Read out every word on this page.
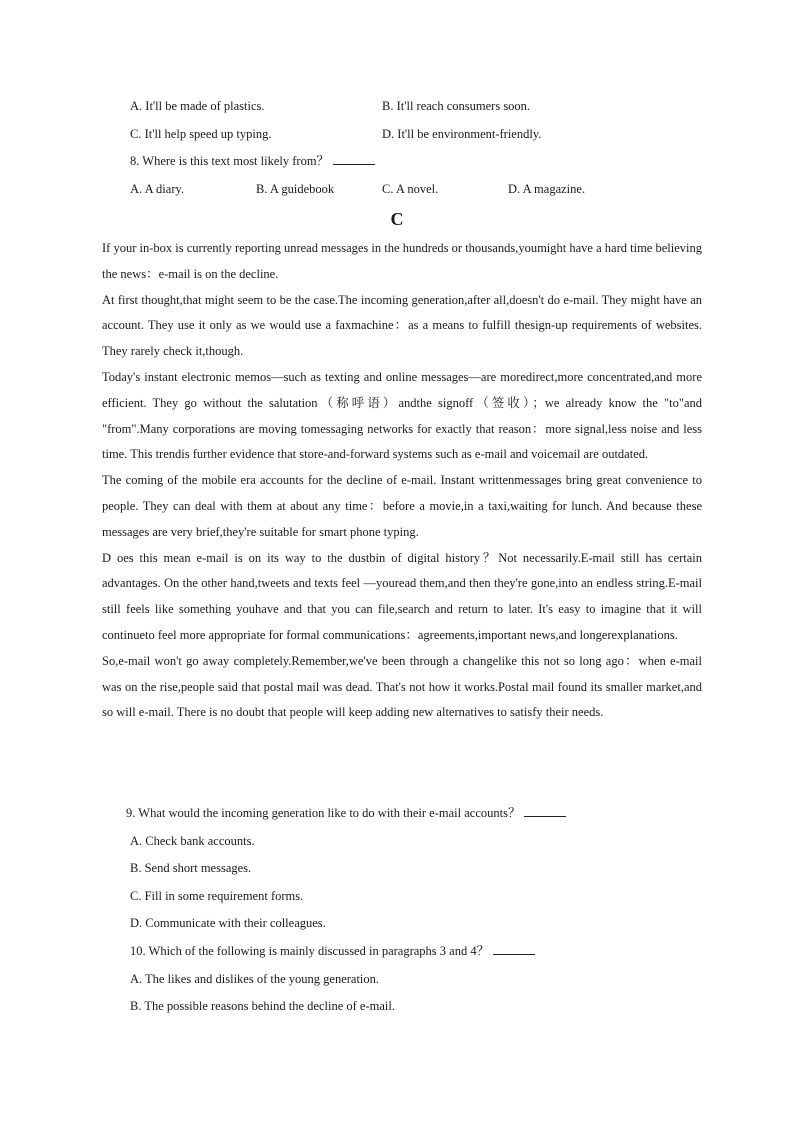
A. It'll be made of plastics.	B. It'll reach consumers soon.
C. It'll help speed up typing.	D. It'll be environment-friendly.
8. Where is this text most likely from？
A. A diary.	B. A guidebook	C. A novel.	D. A magazine.
C

If your in-box is currently reporting unread messages in the hundreds or thousands,youmight have a hard time believing the news：e-mail is on the decline.

At first thought,that might seem to be the case.The incoming generation,after all,doesn't do e-mail. They might have an account. They use it only as we would use a faxmachine：as a means to fulfill thesign-up requirements of websites. They rarely check it,though.

Today's instant electronic memos—such as texting and online messages—are moredirect,more concentrated,and more efficient. They go without the salutation（称呼语）andthe signoff（签收）；we already know the "to"and "from".Many corporations are moving tomessaging networks for exactly that reason：more signal,less noise and less time. This trendis further evidence that store-and-forward systems such as e-mail and voicemail are outdated.

The coming of the mobile era accounts for the decline of e-mail. Instant writtenmessages bring great convenience to people. They can deal with them at about any time：before a movie,in a taxi,waiting for lunch. And because these messages are very brief,they're suitable for smart phone typing.

D oes this mean e-mail is on its way to the dustbin of digital history？Not necessarily.E-mail still has certain advantages. On the other hand,tweets and texts feel —youread them,and then they're gone,into an endless string.E-mail still feels like something youhave and that you can file,search and return to later. It's easy to imagine that it will continueto feel more appropriate for formal communications：agreements,important news,and longerexplanations.

So,e-mail won't go away completely.Remember,we've been through a changelike this not so long ago：when e-mail was on the rise,people said that postal mail was dead. That's not how it works.Postal mail found its smaller market,and so will e-mail. There is no doubt that people will keep adding new alternatives to satisfy their needs.

9. What would the incoming generation like to do with their e-mail accounts？
A. Check bank accounts.
B. Send short messages.
C. Fill in some requirement forms.
D. Communicate with their colleagues.
10. Which of the following is mainly discussed in paragraphs 3 and 4？
A. The likes and dislikes of the young generation.
B. The possible reasons behind the decline of e-mail.
